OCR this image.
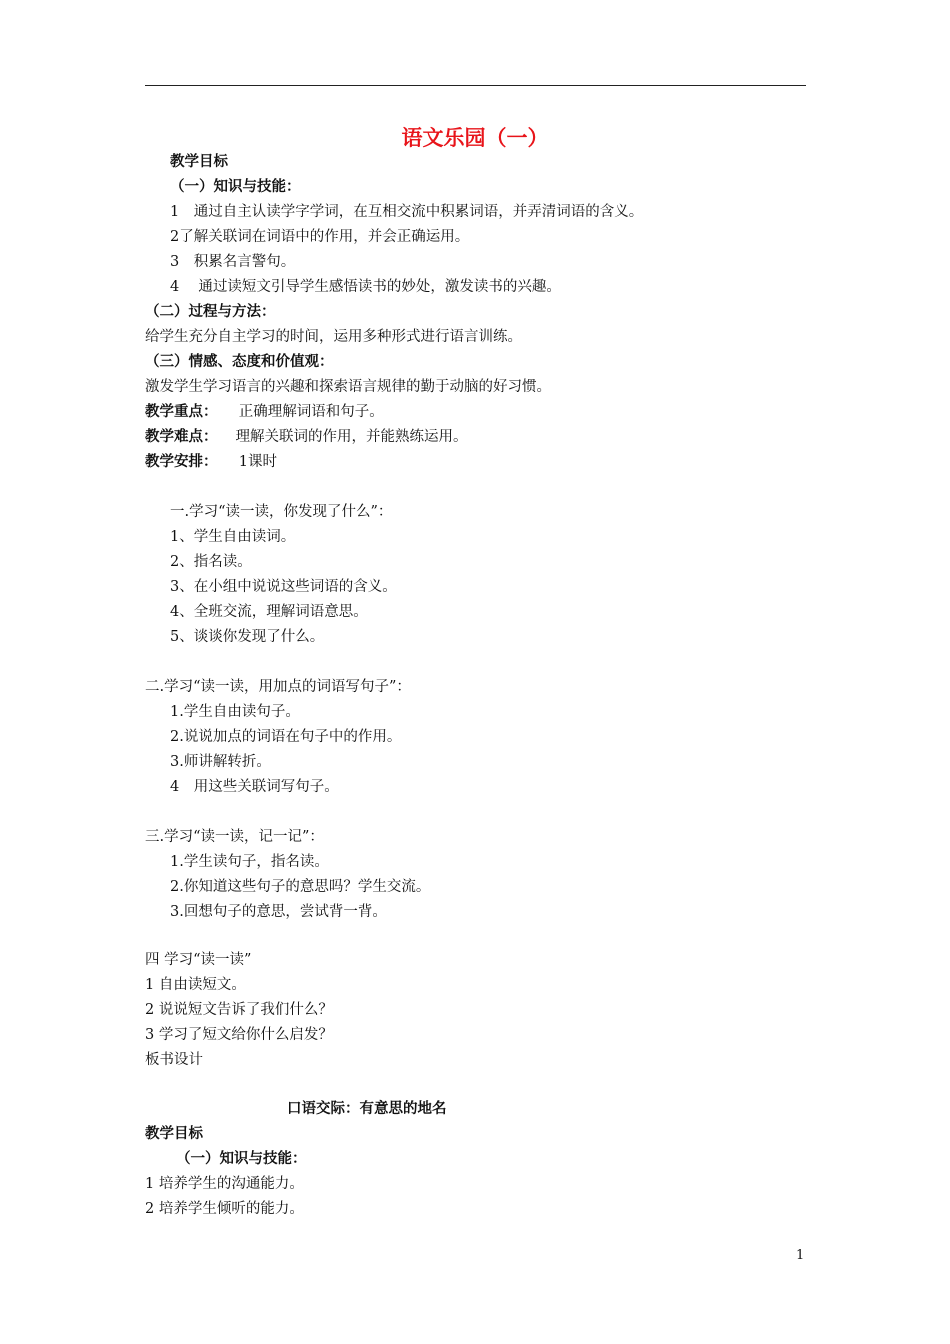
语文乐园（一）
教学目标
（一）知识与技能：
1　通过自主认读学字学词，在互相交流中积累词语，并弄清词语的含义。
2了解关联词在词语中的作用，并会正确运用。
3　积累名言警句。
4　 通过读短文引导学生感悟读书的妙处，激发读书的兴趣。
（二）过程与方法：
给学生充分自主学习的时间，运用多种形式进行语言训练。
（三）情感、态度和价值观：
激发学生学习语言的兴趣和探索语言规律的勤于动脑的好习惯。
教学重点：　正确理解词语和句子。
教学难点： 理解关联词的作用，并能熟练运用。
教学安排：　1课时
一.学习“读一读，你发现了什么”：
1、学生自由读词。
2、指名读。
3、在小组中说说这些词语的含义。
4、全班交流，理解词语意思。
5、谈谈你发现了什么。
二.学习“读一读，用加点的词语写句子”：
1.学生自由读句子。
2.说说加点的词语在句子中的作用。
3.师讲解转折。
4　用这些关联词写句子。
三.学习“读一读，记一记”：
1.学生读句子，指名读。
2.你知道这些句子的意思吗？学生交流。
3.回想句子的意思，尝试背一背。
四 学习“读一读”
1 自由读短文。
2 说说短文告诉了我们什么？
3 学习了短文给你什么启发？
板书设计
口语交际：有意思的地名
教学目标
（一）知识与技能：
1 培养学生的沟通能力。
2 培养学生倾听的能力。
1
